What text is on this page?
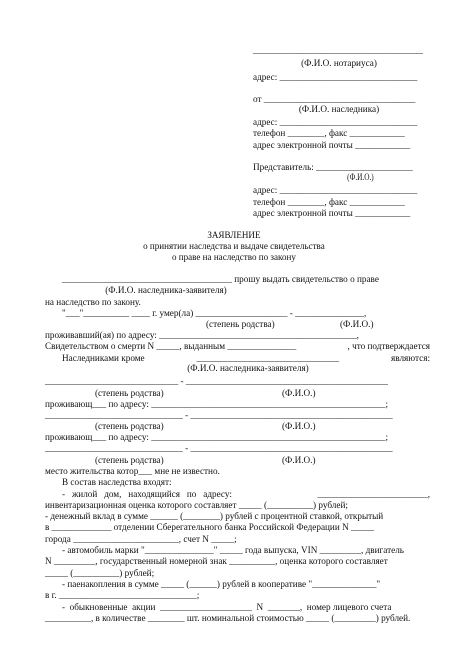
_____________________________________
(Ф.И.О. нотариуса)
адрес: ______________________________
от _________________________________
(Ф.И.О. наследника)
адрес: ______________________________
телефон ________, факс ____________
адрес электронной почты ____________
Представитель: _____________________
(Ф.И.О.)
адрес: ______________________________
телефон ________, факс ____________
адрес электронной почты ____________
ЗАЯВЛЕНИЕ
о принятии наследства и выдаче свидетельства
о праве на наследство по закону
_____________________________________ прошу выдать свидетельство о праве
(Ф.И.О. наследника-заявителя)
на наследство по закону.
"___"__________ ____ г. умер(ла) ____________________ - _______________,
(степень родства)	(Ф.И.О.)
проживавший(ая) по адресу: ___________________________________________,
Свидетельством о смерти N _____, выданным _______________	, что подтверждается
Наследниками кроме	_______________________________	являются:
(Ф.И.О. наследника-заявителя)
_____________________________ - ____________________________________________
(степень родства)	(Ф.И.О.)
проживающ___ по адресу: ___________________________________________________;
______________________________ - ____________________________________________
(степень родства)	(Ф.И.О.)
проживающ___ по адресу: ___________________________________________________;
______________________________ - ____________________________________________
(степень родства)	(Ф.И.О.)
место жительства котор___ мне не известно.
В состав наследства входят:
-   жилой   дом,   находящийся   по   адресу:	________________________,
инвентаризационная оценка которого составляет _____ (__________) рублей;
- денежный вклад в сумме ______ (________) рублей с процентной ставкой, открытый
в _____________ отделении Сберегательного банка Российской Федерации N _____
города _______________________, счет N _____;
- автомобиль марки "_______________" _____ года выпуска, VIN _________, двигатель
N _________, государственный номерной знак __________, оценка которого составляет
_____ (__________) рублей;
- паенакопления в сумме _____ (______) рублей в кооперативе "______________"
в г. ______________________________;
-  обыкновенные  акции  ____________________  N  _______,  номер лицевого счета
__________, в количестве ________ шт. номинальной стоимостью _____ (_________) рублей.
